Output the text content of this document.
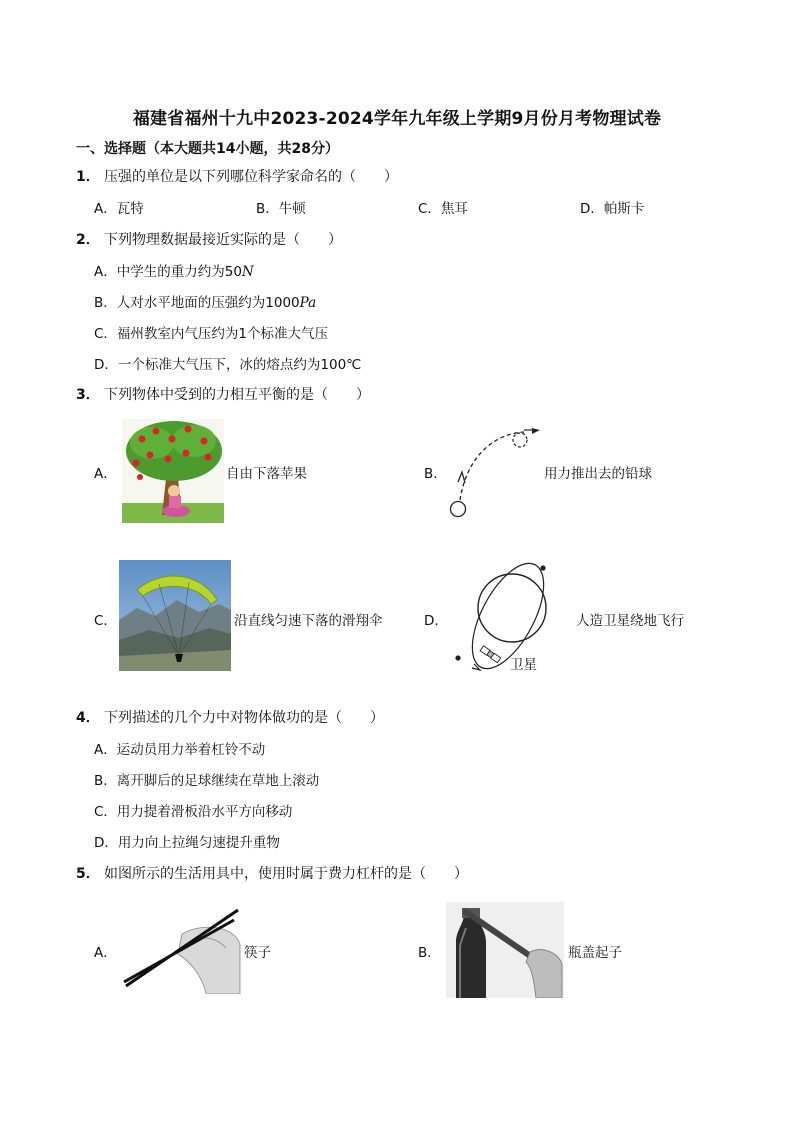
福建省福州十九中2023-2024学年九年级上学期9月份月考物理试卷
一、选择题（本大题共14小题，共28分）
1． 压强的单位是以下列哪位科学家命名的（　　）
A．瓦特	B．牛顿	C．焦耳	D．帕斯卡
2． 下列物理数据最接近实际的是（　　）
A．中学生的重力约为50N
B．人对水平地面的压强约为1000Pa
C．福州教室内气压约为1个标准大气压
D．一个标准大气压下，冰的熔点约为100℃
3． 下列物体中受到的力相互平衡的是（　　）
A．	自由下落苹果	B．	用力推出去的铅球
C．	沿直线匀速下落的滑翔伞	D．
卫星
人造卫星绕地飞行
4． 下列描述的几个力中对物体做功的是（　　）
A．运动员用力举着杠铃不动
B．离开脚后的足球继续在草地上滚动
C．用力提着滑板沿水平方向移动
D．用力向上拉绳匀速提升重物
5． 如图所示的生活用具中，使用时属于费力杠杆的是（　　）
A．	筷子	B．	瓶盖起子
